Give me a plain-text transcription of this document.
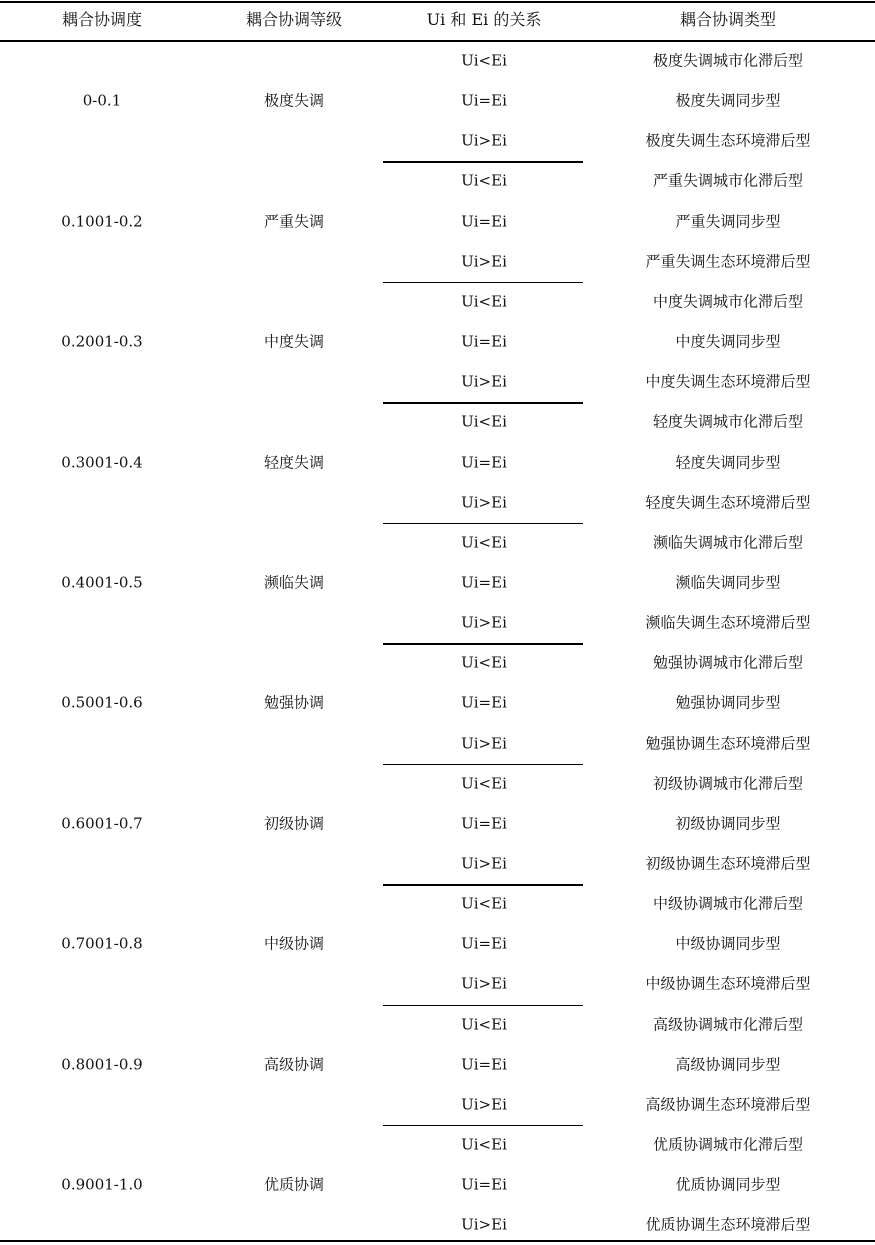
耦合协调度	耦合协调等级	Ui 和 Ei 的关系	耦合协调类型
0-0.1	极度失调
Ui<Ei	极度失调城市化滞后型
Ui=Ei	极度失调同步型
Ui>Ei	极度失调生态环境滞后型
0.1001-0.2	严重失调
Ui<Ei	严重失调城市化滞后型
Ui=Ei	严重失调同步型
Ui>Ei	严重失调生态环境滞后型
0.2001-0.3	中度失调
Ui<Ei	中度失调城市化滞后型
Ui=Ei	中度失调同步型
Ui>Ei	中度失调生态环境滞后型
0.3001-0.4	轻度失调
Ui<Ei	轻度失调城市化滞后型
Ui=Ei	轻度失调同步型
Ui>Ei	轻度失调生态环境滞后型
0.4001-0.5	濒临失调
Ui<Ei	濒临失调城市化滞后型
Ui=Ei	濒临失调同步型
Ui>Ei	濒临失调生态环境滞后型
0.5001-0.6	勉强协调
Ui<Ei	勉强协调城市化滞后型
Ui=Ei	勉强协调同步型
Ui>Ei	勉强协调生态环境滞后型
0.6001-0.7	初级协调
Ui<Ei	初级协调城市化滞后型
Ui=Ei	初级协调同步型
Ui>Ei	初级协调生态环境滞后型
0.7001-0.8	中级协调
Ui<Ei	中级协调城市化滞后型
Ui=Ei	中级协调同步型
Ui>Ei	中级协调生态环境滞后型
0.8001-0.9	高级协调
Ui<Ei	高级协调城市化滞后型
Ui=Ei	高级协调同步型
Ui>Ei	高级协调生态环境滞后型
0.9001-1.0	优质协调
Ui<Ei	优质协调城市化滞后型
Ui=Ei	优质协调同步型
Ui>Ei	优质协调生态环境滞后型
